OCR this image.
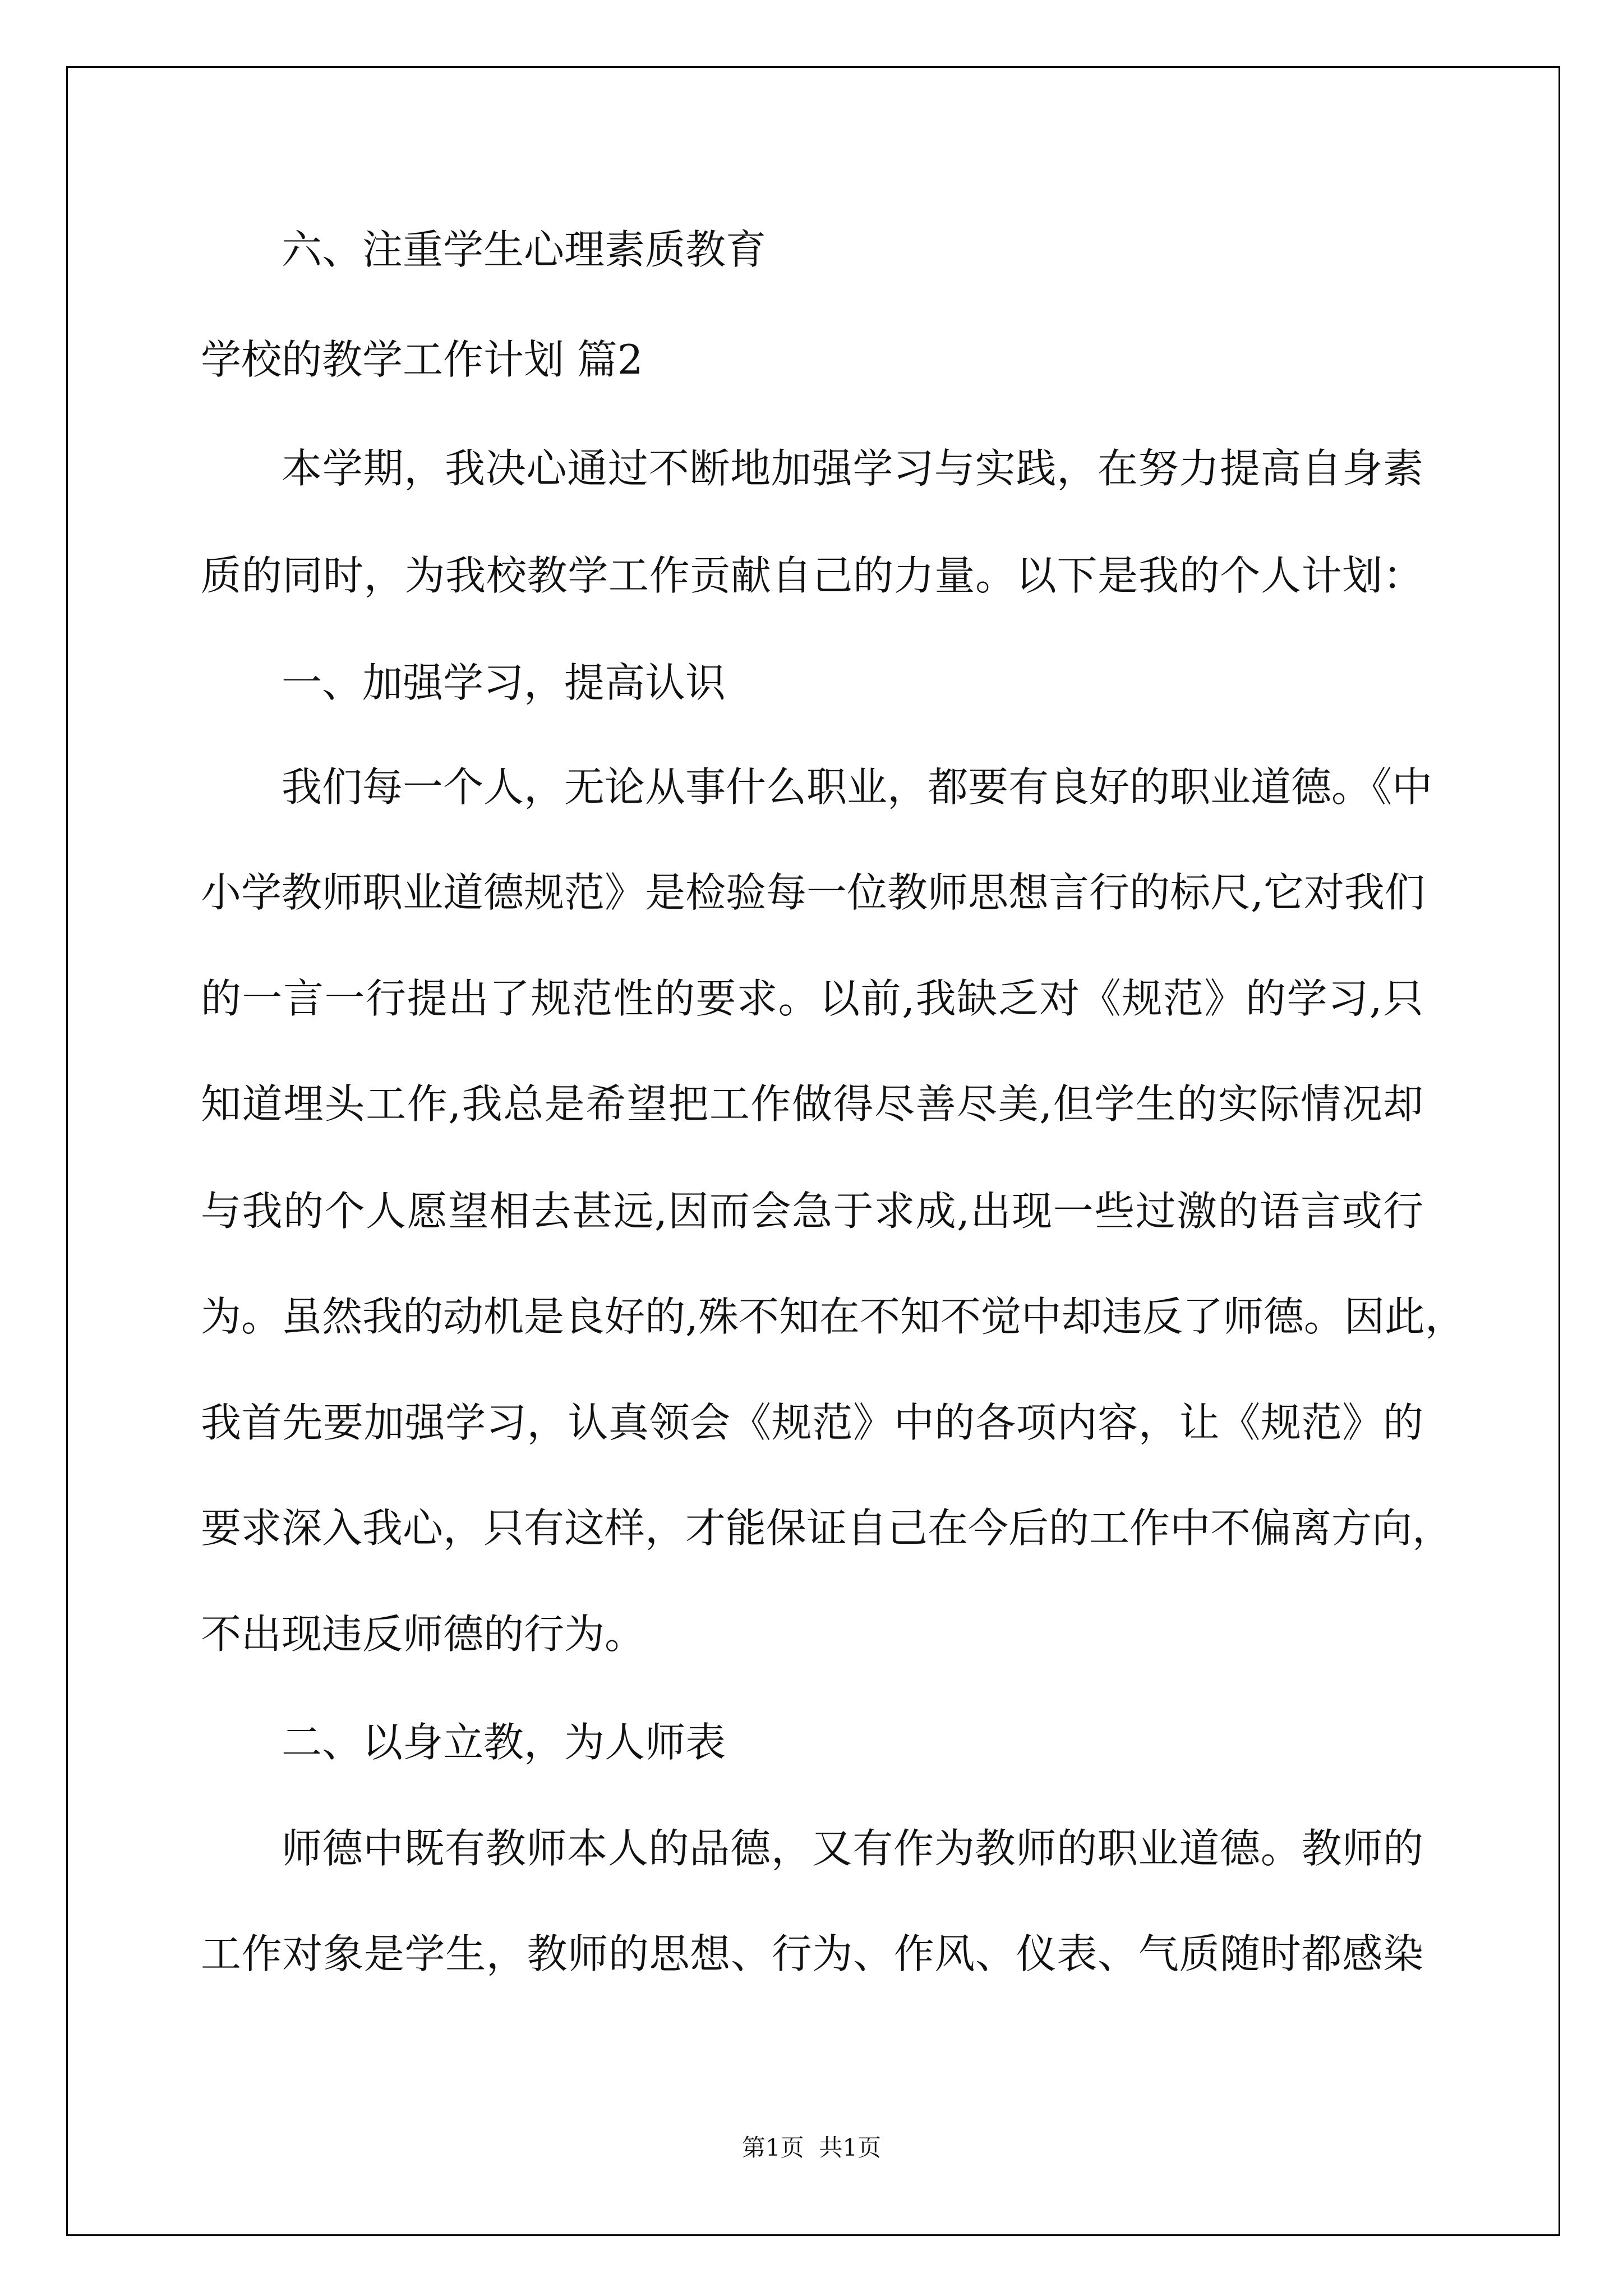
六、注重学生心理素质教育
学校的教学工作计划 篇2
本学期，我决心通过不断地加强学习与实践，在努力提高自身素
质的同时，为我校教学工作贡献自己的力量。以下是我的个人计划：
一、加强学习，提高认识
我们每一个人，无论从事什么职业，都要有良好的职业道德。《中
小学教师职业道德规范》是检验每一位教师思想言行的标尺,它对我们
的一言一行提出了规范性的要求。以前,我缺乏对《规范》的学习,只
知道埋头工作,我总是希望把工作做得尽善尽美,但学生的实际情况却
与我的个人愿望相去甚远,因而会急于求成,出现一些过激的语言或行
为。虽然我的动机是良好的,殊不知在不知不觉中却违反了师德。因此，
我首先要加强学习，认真领会《规范》中的各项内容，让《规范》的
要求深入我心，只有这样，才能保证自己在今后的工作中不偏离方向，
不出现违反师德的行为。
二、以身立教，为人师表
师德中既有教师本人的品德，又有作为教师的职业道德。教师的
工作对象是学生，教师的思想、行为、作风、仪表、气质随时都感染
第1页  共1页
